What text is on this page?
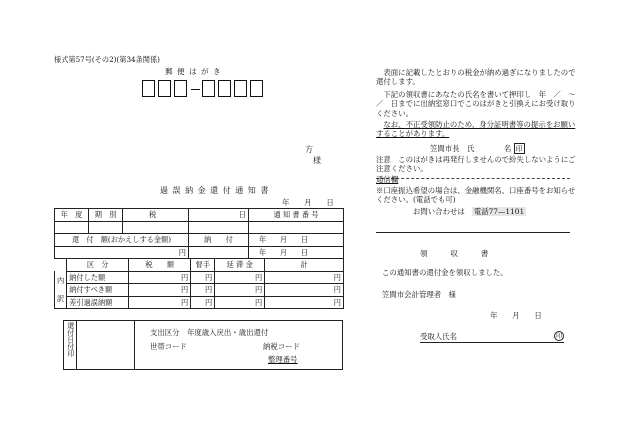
様式第57号(その2)(第34条関係)
郵 便 は が き
方
様
過 誤 納 金 還 付 通 知 書
年　　月　　日
年　度	期　別	税	日	通 知 書 番 号

還　付　額(おかえしする金額)			納　　付	年 月 日
円				年 月 日
	区　分	税　　額	督手	延 滞 金	計
内

訳	納付した額	円	円	円	円
	納付すべき額	円	円	円	円
	差引過誤納額	円	円	円	円
還付日付印	支出区分　年度歳入戻出・歳出還付
世帯コード	納税コード
整理番号
表面に記載したとおりの税金が納め過ぎになりましたので還付します。
下記の領収書にあなたの氏名を書いて押印し　年　／　〜　／　日までに出納室窓口でこのはがきと引換えにお受け取りください。
なお、不正受領防止のため、身分証明書等の提示をお願いすることがあります。
笠間市長　氏　　　　名 印
注意　このはがきは再発行しませんので紛失しないようにご注意ください。
通信欄
※口座振込希望の場合は、金融機関名、口座番号をお知らせください。(電話でも可)
お問い合わせは 電話77—1101
領　　　収　　　書
この通知書の還付金を領収しました。
笠間市会計管理者　様
年　　月　　日
受取人氏名	印
